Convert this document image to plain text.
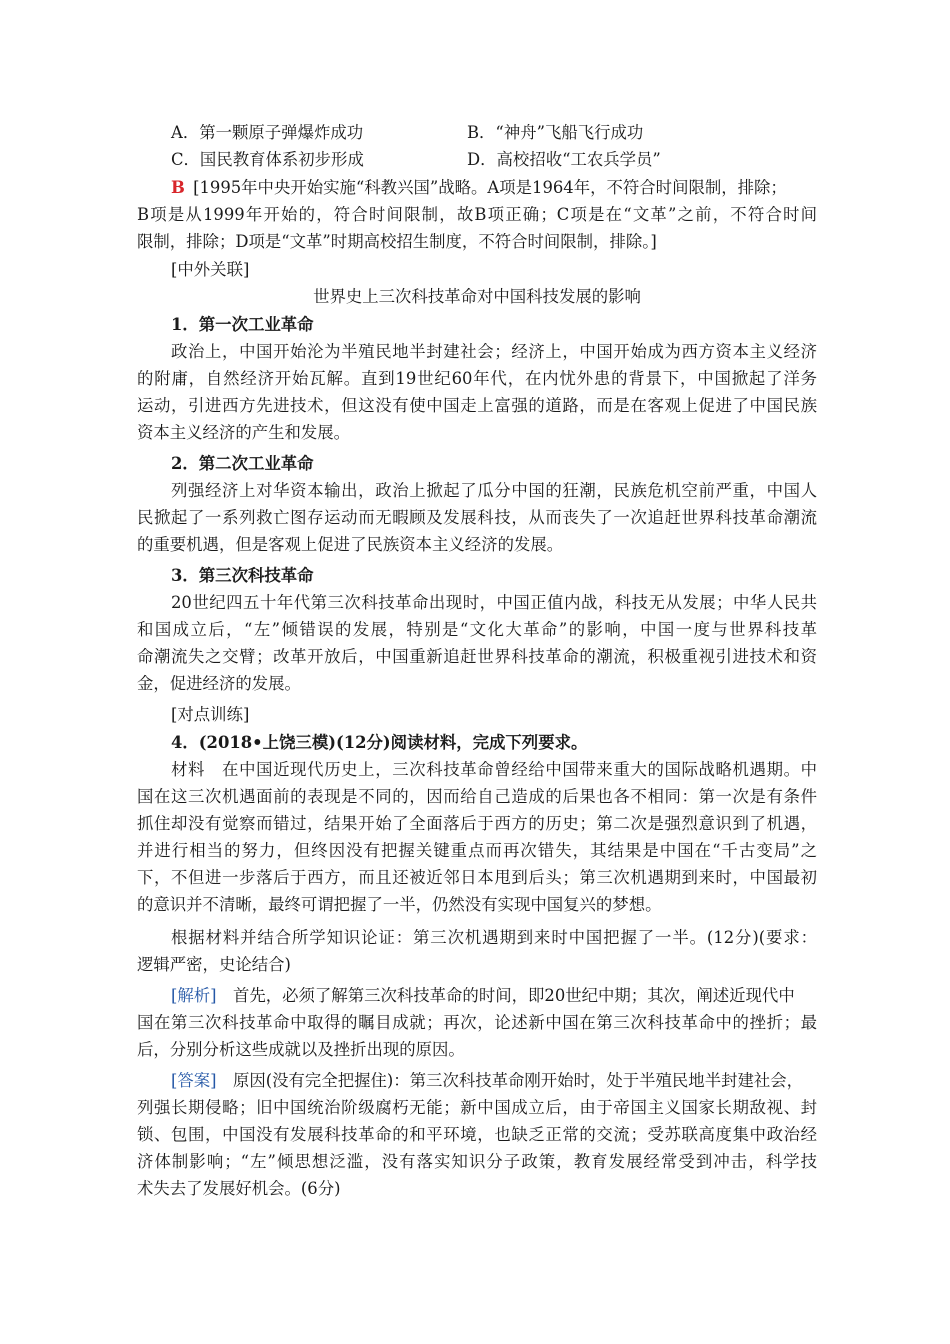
A．第一颗原子弹爆炸成功	B．“神舟”飞船飞行成功
C．国民教育体系初步形成	D．高校招收“工农兵学员”
B  [1995年中央开始实施“科教兴国”战略。A项是1964年，不符合时间限制，排除；
B项是从1999年开始的，符合时间限制，故B项正确；C项是在“文革”之前，不符合时间
限制，排除；D项是“文革”时期高校招生制度，不符合时间限制，排除。]
[中外关联]
世界史上三次科技革命对中国科技发展的影响
1．第一次工业革命
政治上，中国开始沦为半殖民地半封建社会；经济上，中国开始成为西方资本主义经济
的附庸，自然经济开始瓦解。直到19世纪60年代，在内忧外患的背景下，中国掀起了洋务
运动，引进西方先进技术，但这没有使中国走上富强的道路，而是在客观上促进了中国民族
资本主义经济的产生和发展。
2．第二次工业革命
列强经济上对华资本输出，政治上掀起了瓜分中国的狂潮，民族危机空前严重，中国人
民掀起了一系列救亡图存运动而无暇顾及发展科技，从而丧失了一次追赶世界科技革命潮流
的重要机遇，但是客观上促进了民族资本主义经济的发展。
3．第三次科技革命
20世纪四五十年代第三次科技革命出现时，中国正值内战，科技无从发展；中华人民共
和国成立后，“左”倾错误的发展，特别是“文化大革命”的影响，中国一度与世界科技革
命潮流失之交臂；改革开放后，中国重新追赶世界科技革命的潮流，积极重视引进技术和资
金，促进经济的发展。
[对点训练]
4．(2018•上饶三模)(12分)阅读材料，完成下列要求。
材料　在中国近现代历史上，三次科技革命曾经给中国带来重大的国际战略机遇期。中
国在这三次机遇面前的表现是不同的，因而给自己造成的后果也各不相同：第一次是有条件
抓住却没有觉察而错过，结果开始了全面落后于西方的历史；第二次是强烈意识到了机遇，
并进行相当的努力，但终因没有把握关键重点而再次错失，其结果是中国在“千古变局”之
下，不但进一步落后于西方，而且还被近邻日本甩到后头；第三次机遇期到来时，中国最初
的意识并不清晰，最终可谓把握了一半，仍然没有实现中国复兴的梦想。
根据材料并结合所学知识论证：第三次机遇期到来时中国把握了一半。(12分)(要求：
逻辑严密，史论结合)
[解析]  首先，必须了解第三次科技革命的时间，即20世纪中期；其次，阐述近现代中
国在第三次科技革命中取得的瞩目成就；再次，论述新中国在第三次科技革命中的挫折；最
后，分别分析这些成就以及挫折出现的原因。
[答案]  原因(没有完全把握住)：第三次科技革命刚开始时，处于半殖民地半封建社会，
列强长期侵略；旧中国统治阶级腐朽无能；新中国成立后，由于帝国主义国家长期敌视、封
锁、包围，中国没有发展科技革命的和平环境，也缺乏正常的交流；受苏联高度集中政治经
济体制影响；“左”倾思想泛滥，没有落实知识分子政策，教育发展经常受到冲击，科学技
术失去了发展好机会。(6分)
